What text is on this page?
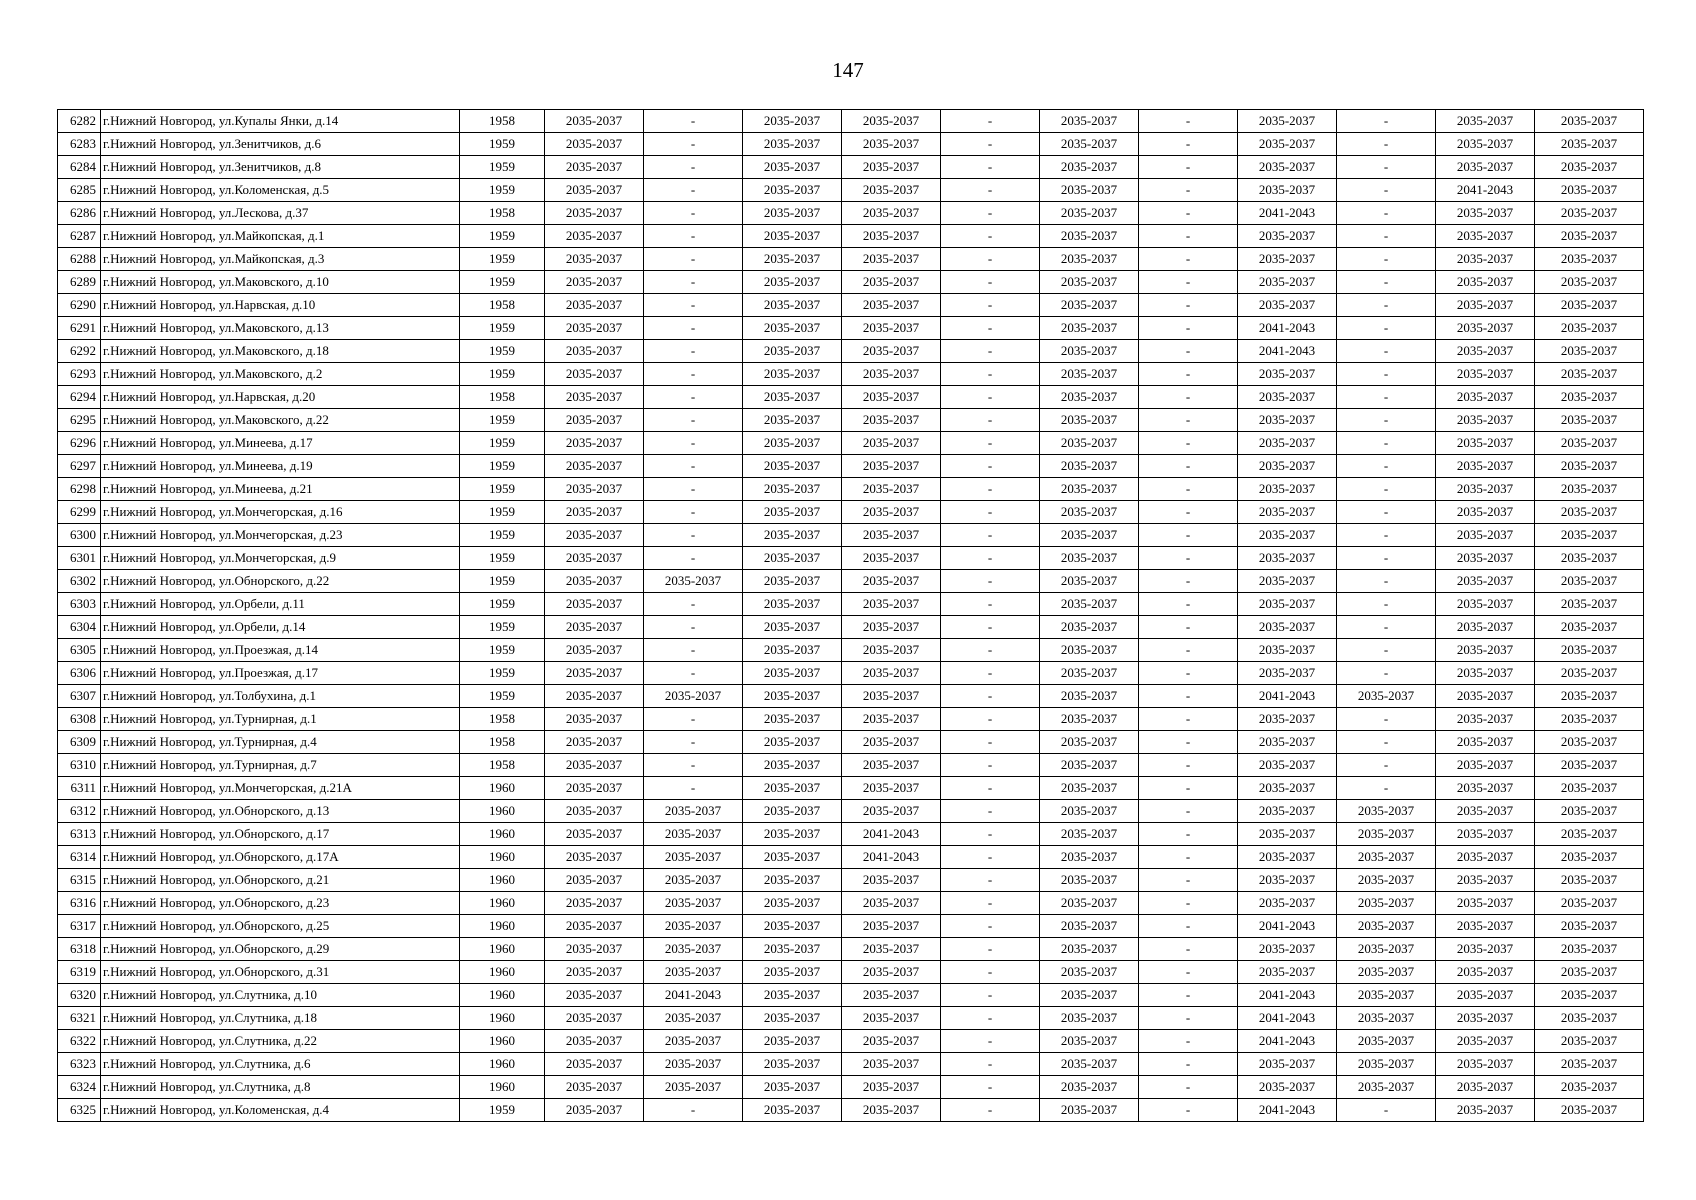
147
6282	г.Нижний Новгород, ул.Купалы Янки, д.14	1958	2035-2037	-	2035-2037	2035-2037	-	2035-2037	-	2035-2037	-	2035-2037	2035-2037
6283	г.Нижний Новгород, ул.Зенитчиков, д.6	1959	2035-2037	-	2035-2037	2035-2037	-	2035-2037	-	2035-2037	-	2035-2037	2035-2037
6284	г.Нижний Новгород, ул.Зенитчиков, д.8	1959	2035-2037	-	2035-2037	2035-2037	-	2035-2037	-	2035-2037	-	2035-2037	2035-2037
6285	г.Нижний Новгород, ул.Коломенская, д.5	1959	2035-2037	-	2035-2037	2035-2037	-	2035-2037	-	2035-2037	-	2041-2043	2035-2037
6286	г.Нижний Новгород, ул.Лескова, д.37	1958	2035-2037	-	2035-2037	2035-2037	-	2035-2037	-	2041-2043	-	2035-2037	2035-2037
6287	г.Нижний Новгород, ул.Майкопская, д.1	1959	2035-2037	-	2035-2037	2035-2037	-	2035-2037	-	2035-2037	-	2035-2037	2035-2037
6288	г.Нижний Новгород, ул.Майкопская, д.3	1959	2035-2037	-	2035-2037	2035-2037	-	2035-2037	-	2035-2037	-	2035-2037	2035-2037
6289	г.Нижний Новгород, ул.Маковского, д.10	1959	2035-2037	-	2035-2037	2035-2037	-	2035-2037	-	2035-2037	-	2035-2037	2035-2037
6290	г.Нижний Новгород, ул.Нарвская, д.10	1958	2035-2037	-	2035-2037	2035-2037	-	2035-2037	-	2035-2037	-	2035-2037	2035-2037
6291	г.Нижний Новгород, ул.Маковского, д.13	1959	2035-2037	-	2035-2037	2035-2037	-	2035-2037	-	2041-2043	-	2035-2037	2035-2037
6292	г.Нижний Новгород, ул.Маковского, д.18	1959	2035-2037	-	2035-2037	2035-2037	-	2035-2037	-	2041-2043	-	2035-2037	2035-2037
6293	г.Нижний Новгород, ул.Маковского, д.2	1959	2035-2037	-	2035-2037	2035-2037	-	2035-2037	-	2035-2037	-	2035-2037	2035-2037
6294	г.Нижний Новгород, ул.Нарвская, д.20	1958	2035-2037	-	2035-2037	2035-2037	-	2035-2037	-	2035-2037	-	2035-2037	2035-2037
6295	г.Нижний Новгород, ул.Маковского, д.22	1959	2035-2037	-	2035-2037	2035-2037	-	2035-2037	-	2035-2037	-	2035-2037	2035-2037
6296	г.Нижний Новгород, ул.Минеева, д.17	1959	2035-2037	-	2035-2037	2035-2037	-	2035-2037	-	2035-2037	-	2035-2037	2035-2037
6297	г.Нижний Новгород, ул.Минеева, д.19	1959	2035-2037	-	2035-2037	2035-2037	-	2035-2037	-	2035-2037	-	2035-2037	2035-2037
6298	г.Нижний Новгород, ул.Минеева, д.21	1959	2035-2037	-	2035-2037	2035-2037	-	2035-2037	-	2035-2037	-	2035-2037	2035-2037
6299	г.Нижний Новгород, ул.Мончегорская, д.16	1959	2035-2037	-	2035-2037	2035-2037	-	2035-2037	-	2035-2037	-	2035-2037	2035-2037
6300	г.Нижний Новгород, ул.Мончегорская, д.23	1959	2035-2037	-	2035-2037	2035-2037	-	2035-2037	-	2035-2037	-	2035-2037	2035-2037
6301	г.Нижний Новгород, ул.Мончегорская, д.9	1959	2035-2037	-	2035-2037	2035-2037	-	2035-2037	-	2035-2037	-	2035-2037	2035-2037
6302	г.Нижний Новгород, ул.Обнорского, д.22	1959	2035-2037	2035-2037	2035-2037	2035-2037	-	2035-2037	-	2035-2037	-	2035-2037	2035-2037
6303	г.Нижний Новгород, ул.Орбели, д.11	1959	2035-2037	-	2035-2037	2035-2037	-	2035-2037	-	2035-2037	-	2035-2037	2035-2037
6304	г.Нижний Новгород, ул.Орбели, д.14	1959	2035-2037	-	2035-2037	2035-2037	-	2035-2037	-	2035-2037	-	2035-2037	2035-2037
6305	г.Нижний Новгород, ул.Проезжая, д.14	1959	2035-2037	-	2035-2037	2035-2037	-	2035-2037	-	2035-2037	-	2035-2037	2035-2037
6306	г.Нижний Новгород, ул.Проезжая, д.17	1959	2035-2037	-	2035-2037	2035-2037	-	2035-2037	-	2035-2037	-	2035-2037	2035-2037
6307	г.Нижний Новгород, ул.Толбухина, д.1	1959	2035-2037	2035-2037	2035-2037	2035-2037	-	2035-2037	-	2041-2043	2035-2037	2035-2037	2035-2037
6308	г.Нижний Новгород, ул.Турнирная, д.1	1958	2035-2037	-	2035-2037	2035-2037	-	2035-2037	-	2035-2037	-	2035-2037	2035-2037
6309	г.Нижний Новгород, ул.Турнирная, д.4	1958	2035-2037	-	2035-2037	2035-2037	-	2035-2037	-	2035-2037	-	2035-2037	2035-2037
6310	г.Нижний Новгород, ул.Турнирная, д.7	1958	2035-2037	-	2035-2037	2035-2037	-	2035-2037	-	2035-2037	-	2035-2037	2035-2037
6311	г.Нижний Новгород, ул.Мончегорская, д.21А	1960	2035-2037	-	2035-2037	2035-2037	-	2035-2037	-	2035-2037	-	2035-2037	2035-2037
6312	г.Нижний Новгород, ул.Обнорского, д.13	1960	2035-2037	2035-2037	2035-2037	2035-2037	-	2035-2037	-	2035-2037	2035-2037	2035-2037	2035-2037
6313	г.Нижний Новгород, ул.Обнорского, д.17	1960	2035-2037	2035-2037	2035-2037	2041-2043	-	2035-2037	-	2035-2037	2035-2037	2035-2037	2035-2037
6314	г.Нижний Новгород, ул.Обнорского, д.17А	1960	2035-2037	2035-2037	2035-2037	2041-2043	-	2035-2037	-	2035-2037	2035-2037	2035-2037	2035-2037
6315	г.Нижний Новгород, ул.Обнорского, д.21	1960	2035-2037	2035-2037	2035-2037	2035-2037	-	2035-2037	-	2035-2037	2035-2037	2035-2037	2035-2037
6316	г.Нижний Новгород, ул.Обнорского, д.23	1960	2035-2037	2035-2037	2035-2037	2035-2037	-	2035-2037	-	2035-2037	2035-2037	2035-2037	2035-2037
6317	г.Нижний Новгород, ул.Обнорского, д.25	1960	2035-2037	2035-2037	2035-2037	2035-2037	-	2035-2037	-	2041-2043	2035-2037	2035-2037	2035-2037
6318	г.Нижний Новгород, ул.Обнорского, д.29	1960	2035-2037	2035-2037	2035-2037	2035-2037	-	2035-2037	-	2035-2037	2035-2037	2035-2037	2035-2037
6319	г.Нижний Новгород, ул.Обнорского, д.31	1960	2035-2037	2035-2037	2035-2037	2035-2037	-	2035-2037	-	2035-2037	2035-2037	2035-2037	2035-2037
6320	г.Нижний Новгород, ул.Слутника, д.10	1960	2035-2037	2041-2043	2035-2037	2035-2037	-	2035-2037	-	2041-2043	2035-2037	2035-2037	2035-2037
6321	г.Нижний Новгород, ул.Слутника, д.18	1960	2035-2037	2035-2037	2035-2037	2035-2037	-	2035-2037	-	2041-2043	2035-2037	2035-2037	2035-2037
6322	г.Нижний Новгород, ул.Слутника, д.22	1960	2035-2037	2035-2037	2035-2037	2035-2037	-	2035-2037	-	2041-2043	2035-2037	2035-2037	2035-2037
6323	г.Нижний Новгород, ул.Слутника, д.6	1960	2035-2037	2035-2037	2035-2037	2035-2037	-	2035-2037	-	2035-2037	2035-2037	2035-2037	2035-2037
6324	г.Нижний Новгород, ул.Слутника, д.8	1960	2035-2037	2035-2037	2035-2037	2035-2037	-	2035-2037	-	2035-2037	2035-2037	2035-2037	2035-2037
6325	г.Нижний Новгород, ул.Коломенская, д.4	1959	2035-2037	-	2035-2037	2035-2037	-	2035-2037	-	2041-2043	-	2035-2037	2035-2037
